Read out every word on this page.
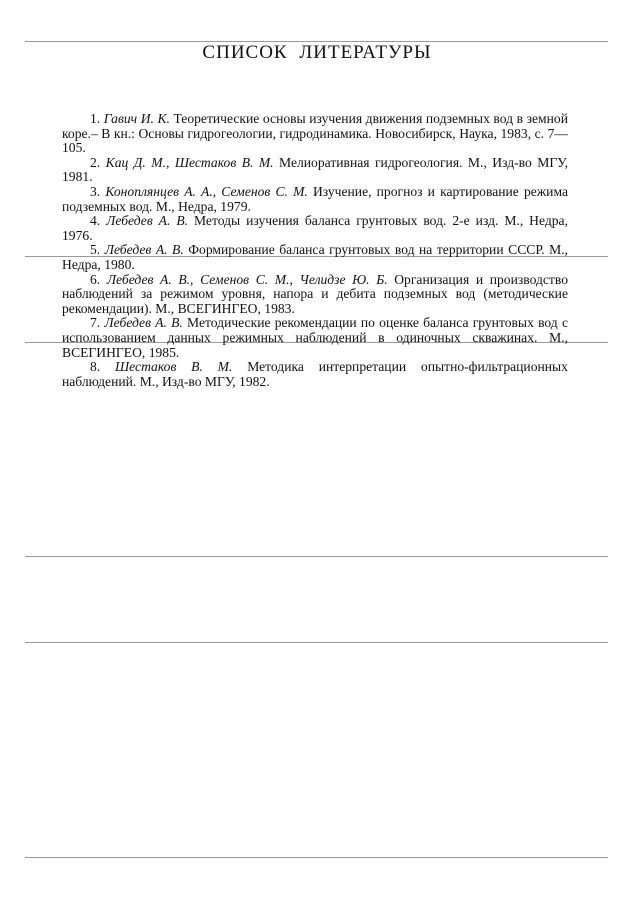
СПИСОК ЛИТЕРАТУРЫ

1. Гавич И. К. Теоретические основы изучения движения подземных вод в земной коре.– В кн.: Основы гидрогеологии, гидродинамика. Новосибирск, Наука, 1983, с. 7—105.

2. Кац Д. М., Шестаков В. М. Мелиоративная гидрогеология. М., Изд-во МГУ, 1981.

3. Коноплянцев А. А., Семенов С. М. Изучение, прогноз и картирование режима подземных вод. М., Недра, 1979.

4. Лебедев А. В. Методы изучения баланса грунтовых вод. 2-е изд. М., Недра, 1976.

5. Лебедев А. В. Формирование баланса грунтовых вод на территории СССР. М., Недра, 1980.

6. Лебедев А. В., Семенов С. М., Челидзе Ю. Б. Организация и производство наблюдений за режимом уровня, напора и дебита подземных вод (методические рекомендации). М., ВСЕГИНГЕО, 1983.

7. Лебедев А. В. Методические рекомендации по оценке баланса грунтовых вод с использованием данных режимных наблюдений в одиночных скважинах. М., ВСЕГИНГЕО, 1985.

8. Шестаков В. М. Методика интерпретации опытно-фильтрационных наблюдений. М., Изд-во МГУ, 1982.
